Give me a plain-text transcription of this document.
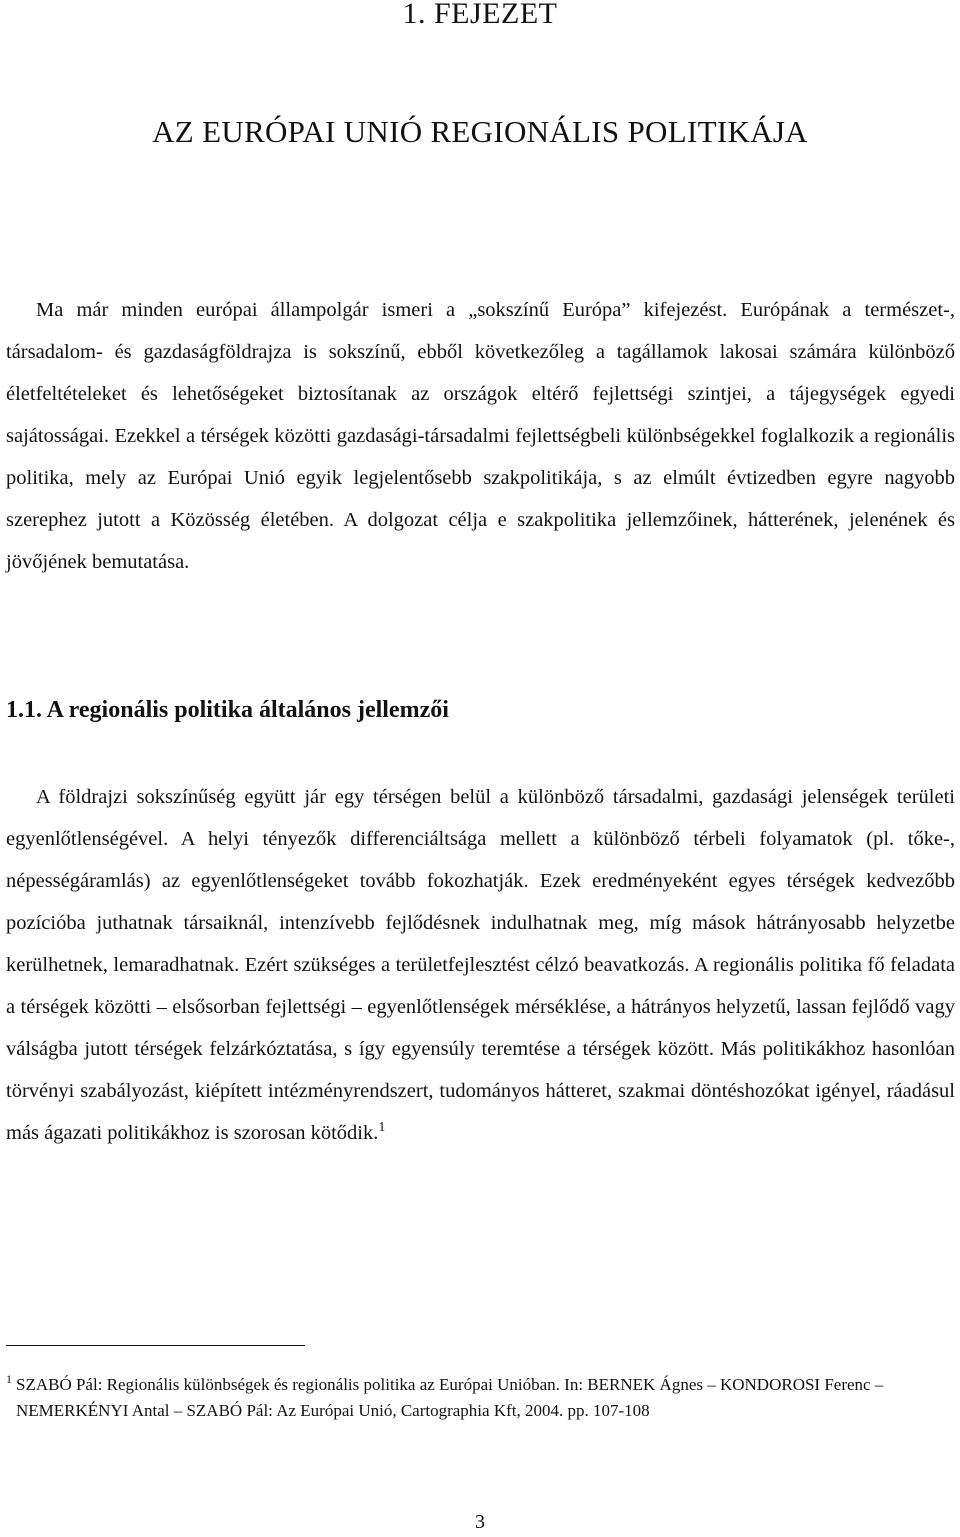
1. FEJEZET
AZ EURÓPAI UNIÓ REGIONÁLIS POLITIKÁJA

Ma már minden európai állampolgár ismeri a „sokszínű Európa” kifejezést. Európának a természet-, társadalom- és gazdaságföldrajza is sokszínű, ebből következőleg a tagállamok lakosai számára különböző életfeltételeket és lehetőségeket biztosítanak az országok eltérő fejlettségi szintjei, a tájegységek egyedi sajátosságai. Ezekkel a térségek közötti gazdasági-társadalmi fejlettségbeli különbségekkel foglalkozik a regionális politika, mely az Európai Unió egyik legjelentősebb szakpolitikája, s az elmúlt évtizedben egyre nagyobb szerephez jutott a Közösség életében. A dolgozat célja e szakpolitika jellemzőinek, hátterének, jelenének és jövőjének bemutatása.

1.1. A regionális politika általános jellemzői

A földrajzi sokszínűség együtt jár egy térségen belül a különböző társadalmi, gazdasági jelenségek területi egyenlőtlenségével. A helyi tényezők differenciáltsága mellett a különböző térbeli folyamatok (pl. tőke-, népességáramlás) az egyenlőtlenségeket tovább fokozhatják. Ezek eredményeként egyes térségek kedvezőbb pozícióba juthatnak társaiknál, intenzívebb fejlődésnek indulhatnak meg, míg mások hátrányosabb helyzetbe kerülhetnek, lemaradhatnak. Ezért szükséges a területfejlesztést célzó beavatkozás. A regionális politika fő feladata a térségek közötti – elsősorban fejlettségi – egyenlőtlenségek mérséklése, a hátrányos helyzetű, lassan fejlődő vagy válságba jutott térségek felzárkóztatása, s így egyensúly teremtése a térségek között. Más politikákhoz hasonlóan törvényi szabályozást, kiépített intézményrendszert, tudományos hátteret, szakmai döntéshozókat igényel, ráadásul más ágazati politikákhoz is szorosan kötődik.$^1$

$^1$ SZABÓ Pál: Regionális különbségek és regionális politika az Európai Unióban. In: BERNEK Ágnes – KONDOROSI Ferenc – NEMERKÉNYI Antal – SZABÓ Pál: Az Európai Unió, Cartographia Kft, 2004. pp. 107-108

3
